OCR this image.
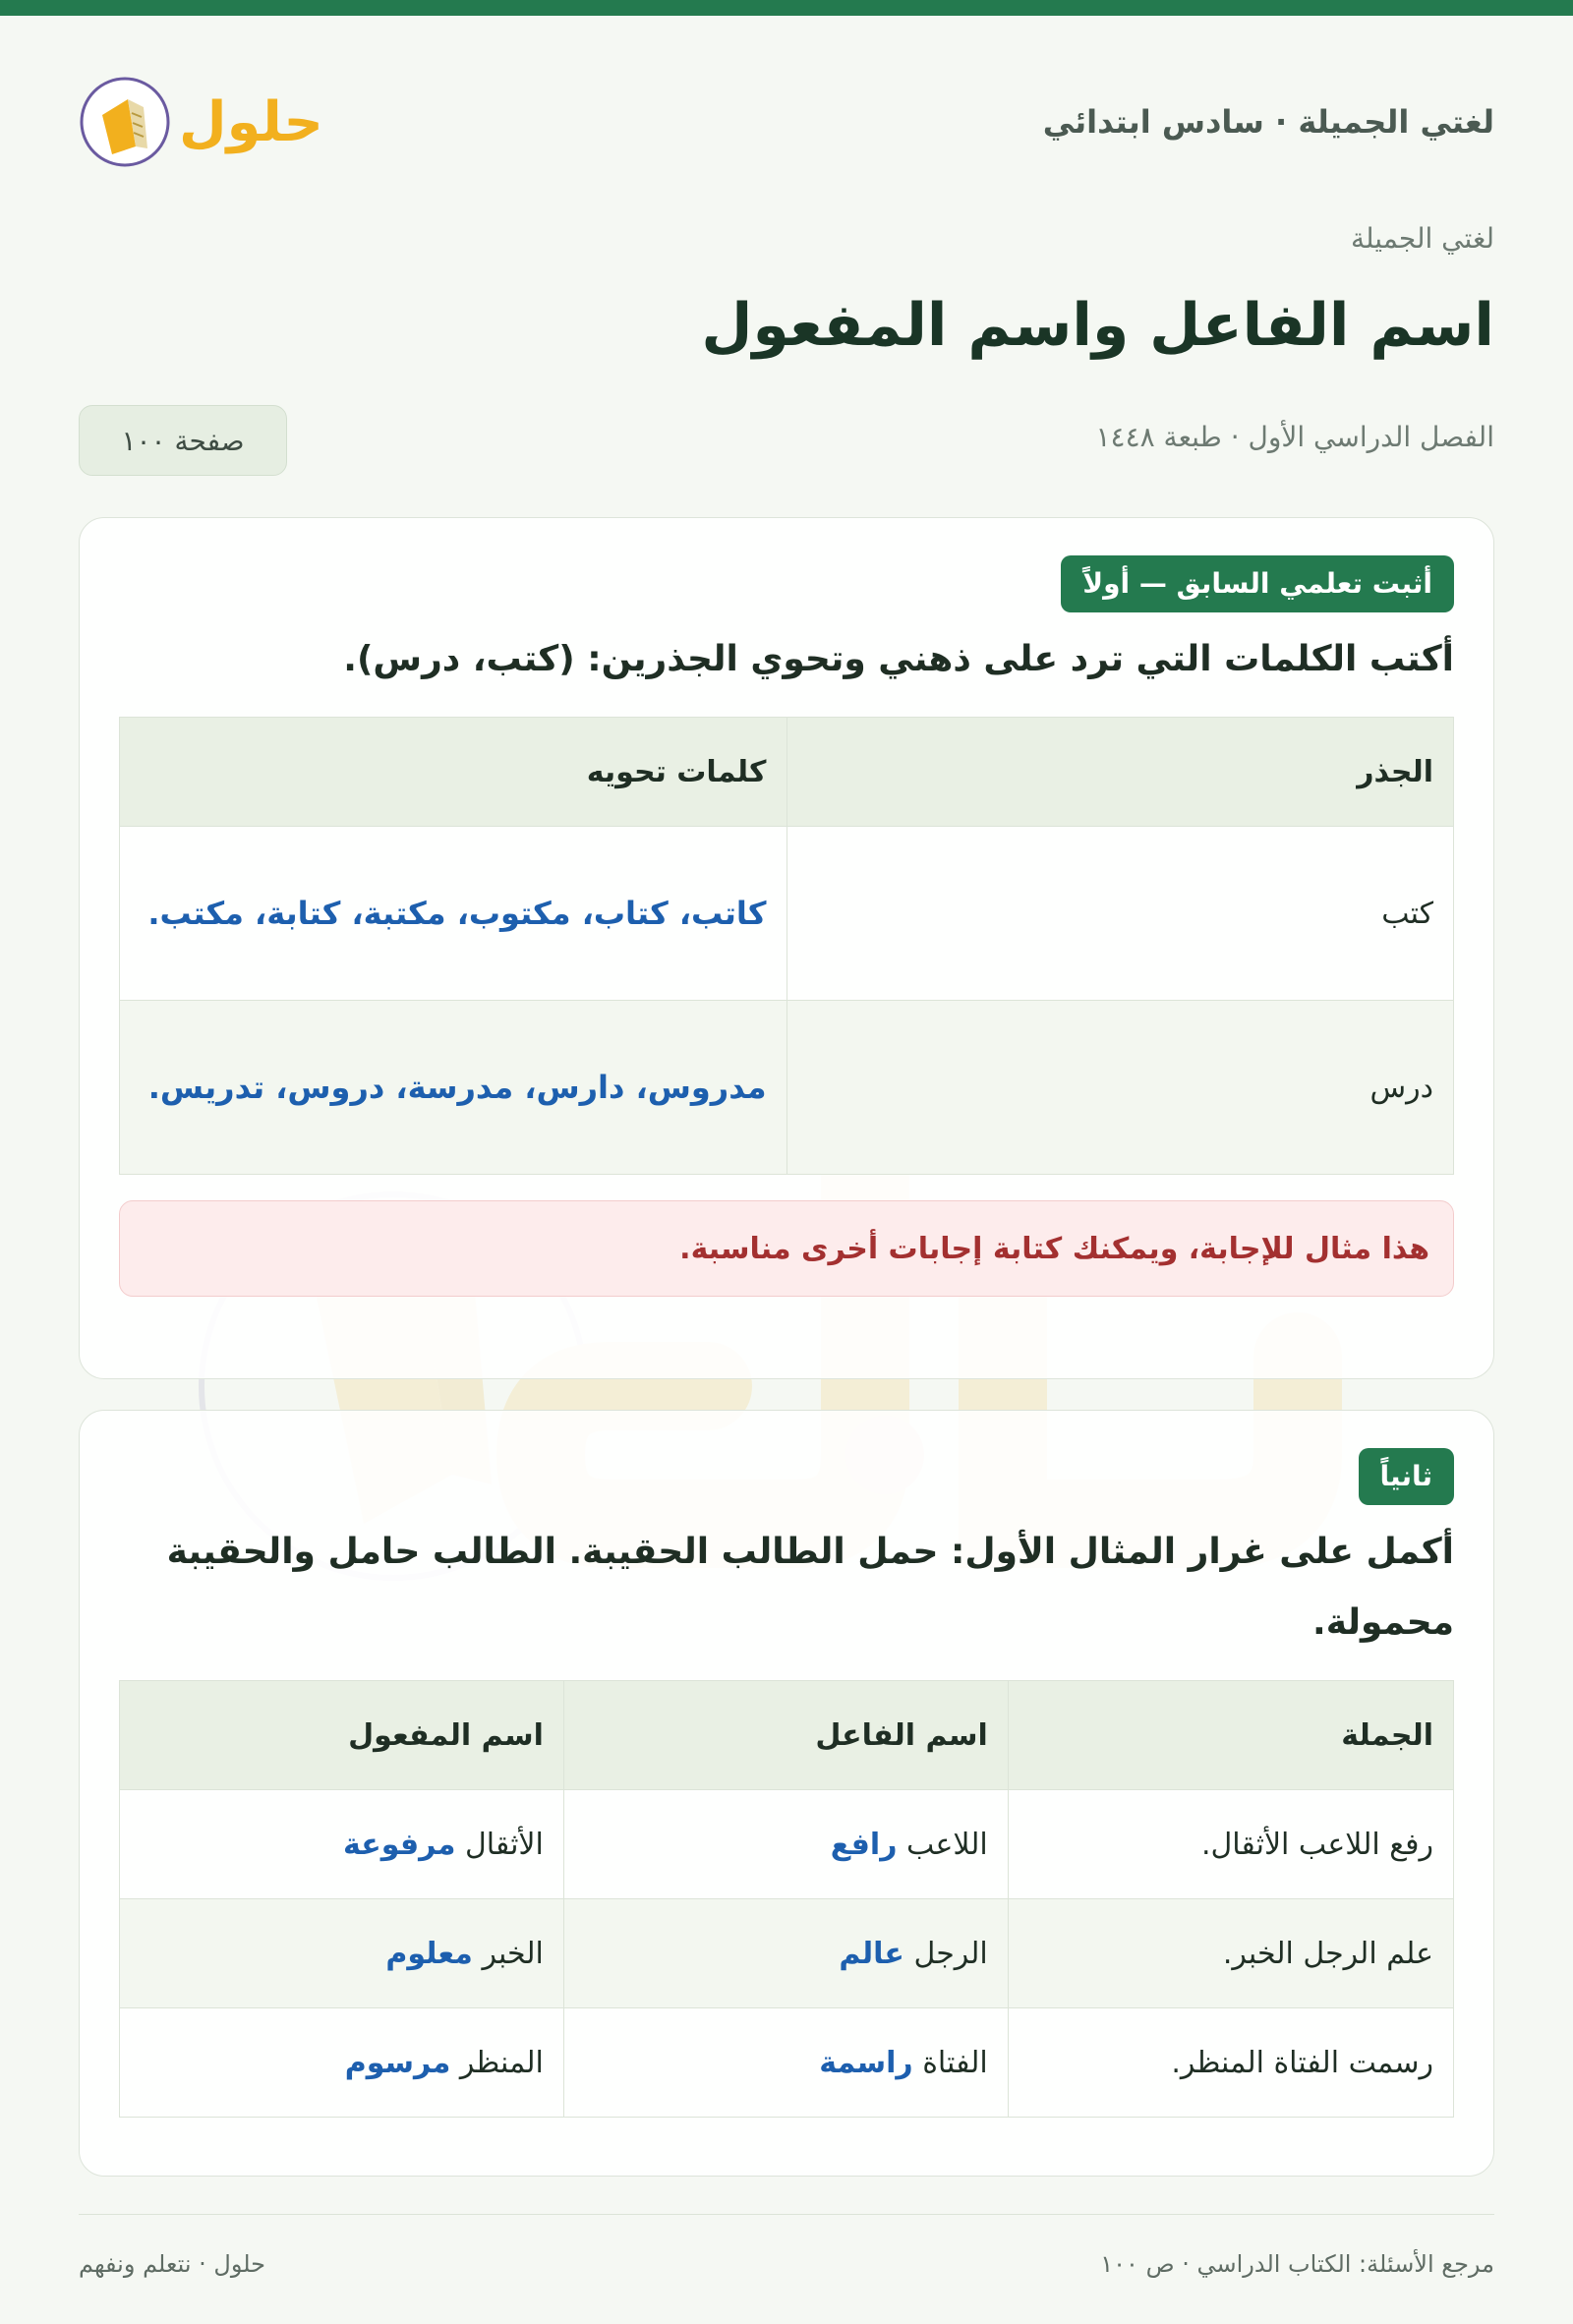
لغتي الجميلة · سادس ابتدائي
حلول
لغتي الجميلة
اسم الفاعل واسم المفعول
الفصل الدراسي الأول · طبعة ١٤٤٨
صفحة ١٠٠
أثبت تعلمي السابق — أولاً
أكتب الكلمات التي ترد على ذهني وتحوي الجذرين: (كتب، درس).
الجذر	كلمات تحويه
كتب	كاتب، كتاب، مكتوب، مكتبة، كتابة، مكتب.
درس	مدروس، دارس، مدرسة، دروس، تدريس.
هذا مثال للإجابة، ويمكنك كتابة إجابات أخرى مناسبة.
ثانياً
أكمل على غرار المثال الأول: حمل الطالب الحقيبة. الطالب حامل والحقيبة محمولة.
الجملة	اسم الفاعل	اسم المفعول
رفع اللاعب الأثقال.	اللاعب رافع	الأثقال مرفوعة
علم الرجل الخبر.	الرجل عالم	الخبر معلوم
رسمت الفتاة المنظر.	الفتاة راسمة	المنظر مرسوم
مرجع الأسئلة: الكتاب الدراسي · ص ١٠٠
حلول · نتعلم ونفهم
